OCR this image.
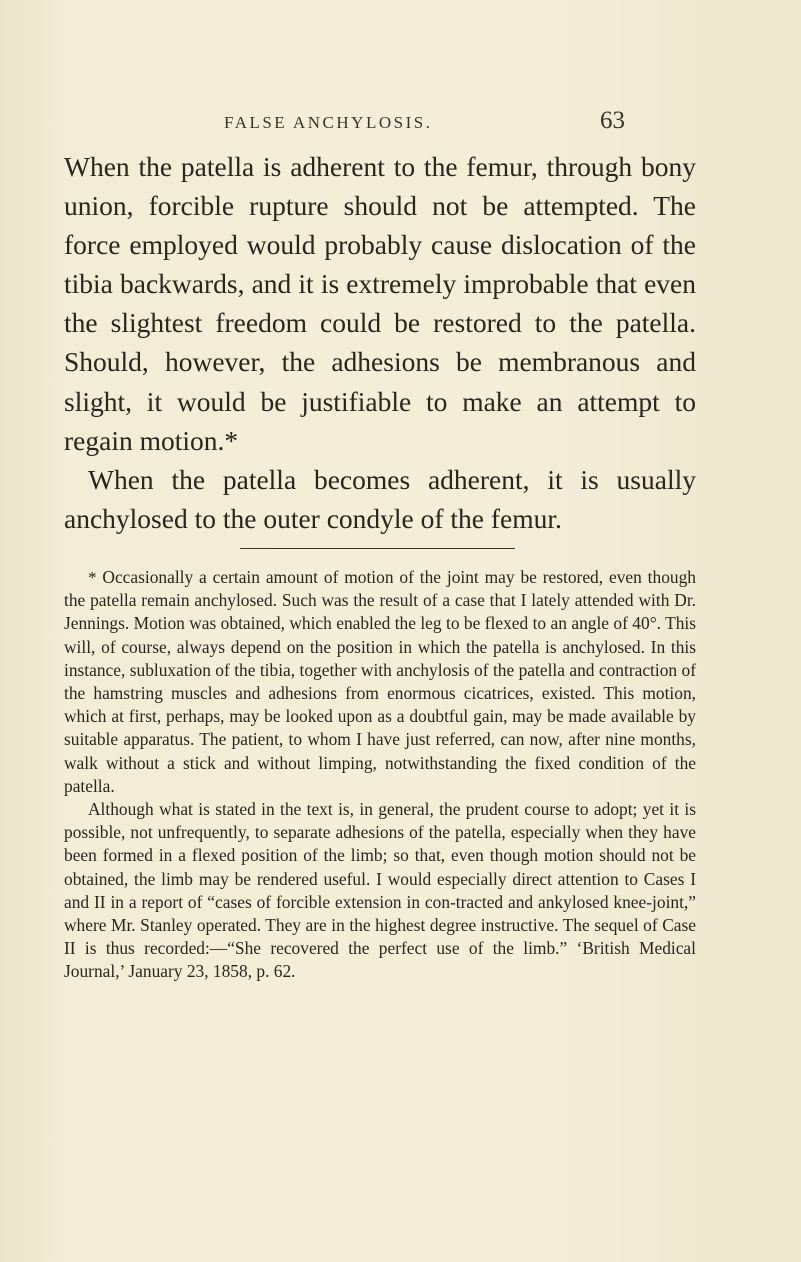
FALSE ANCHYLOSIS.	63

When the patella is adherent to the femur, through bony union, forcible rupture should not be attempted. The force employed would probably cause dislocation of the tibia backwards, and it is extremely improbable that even the slightest freedom could be restored to the patella. Should, however, the adhesions be membranous and slight, it would be justifiable to make an attempt to regain motion.*

When the patella becomes adherent, it is usually anchylosed to the outer condyle of the femur.

* Occasionally a certain amount of motion of the joint may be restored, even though the patella remain anchylosed. Such was the result of a case that I lately attended with Dr. Jennings. Motion was obtained, which enabled the leg to be flexed to an angle of 40°. This will, of course, always depend on the position in which the patella is anchylosed. In this instance, subluxation of the tibia, together with anchylosis of the patella and contraction of the hamstring muscles and adhesions from enormous cicatrices, existed. This motion, which at first, perhaps, may be looked upon as a doubtful gain, may be made available by suitable apparatus. The patient, to whom I have just referred, can now, after nine months, walk without a stick and without limping, notwithstanding the fixed condition of the patella.

Although what is stated in the text is, in general, the prudent course to adopt; yet it is possible, not unfrequently, to separate adhesions of the patella, especially when they have been formed in a flexed position of the limb; so that, even though motion should not be obtained, the limb may be rendered useful. I would especially direct attention to Cases I and II in a report of “cases of forcible extension in con-tracted and ankylosed knee-joint,” where Mr. Stanley operated. They are in the highest degree instructive. The sequel of Case II is thus recorded:—“She recovered the perfect use of the limb.” ‘British Medical Journal,’ January 23, 1858, p. 62.
